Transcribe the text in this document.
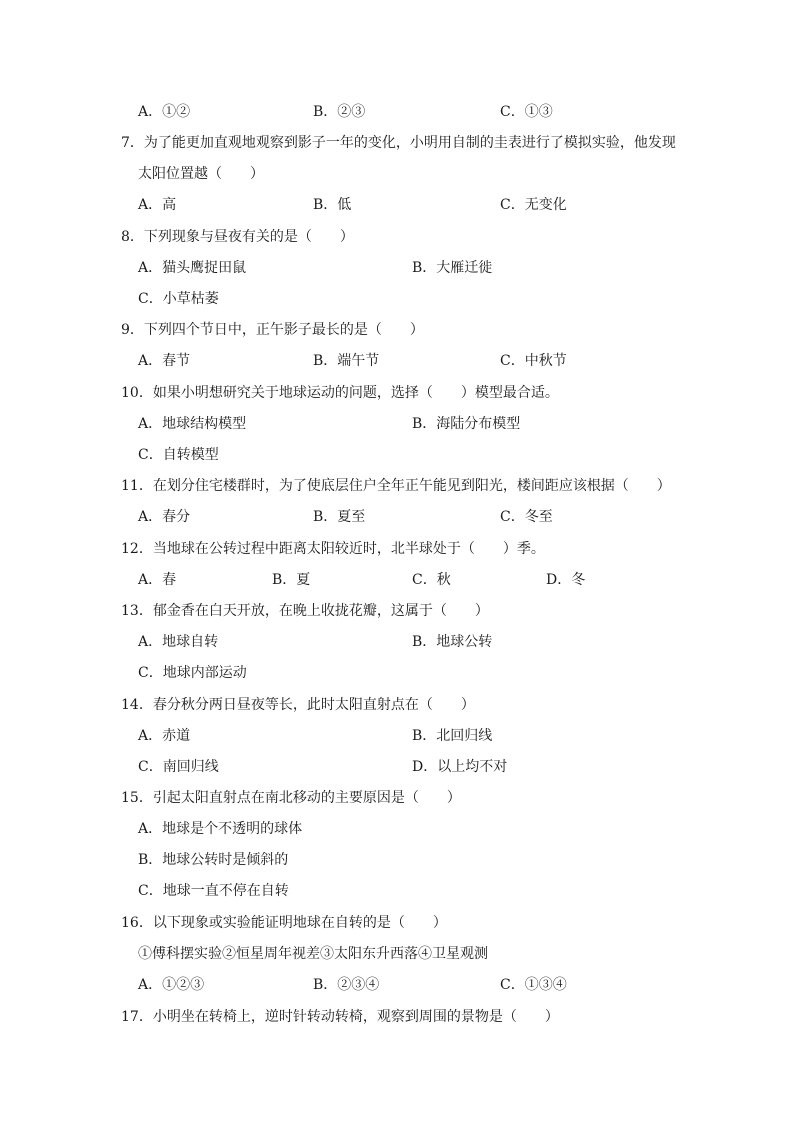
A．①②	B．②③	C．①③
7．为了能更加直观地观察到影子一年的变化，小明用自制的圭表进行了模拟实验，他发现
太阳位置越（　　）
A．高	B．低	C．无变化
8．下列现象与昼夜有关的是（　　）
A．猫头鹰捉田鼠	B．大雁迁徙
C．小草枯萎
9．下列四个节日中，正午影子最长的是（　　）
A．春节	B．端午节	C．中秋节
10．如果小明想研究关于地球运动的问题，选择（　　）模型最合适。
A．地球结构模型	B．海陆分布模型
C．自转模型
11．在划分住宅楼群时，为了使底层住户全年正午能见到阳光，楼间距应该根据（　　）
A．春分	B．夏至	C．冬至
12．当地球在公转过程中距离太阳较近时，北半球处于（　　）季。
A．春	B．夏	C．秋	D．冬
13．郁金香在白天开放，在晚上收拢花瓣，这属于（　　）
A．地球自转	B．地球公转
C．地球内部运动
14．春分秋分两日昼夜等长，此时太阳直射点在（　　）
A．赤道	B．北回归线
C．南回归线	D．以上均不对
15．引起太阳直射点在南北移动的主要原因是（　　）
A．地球是个不透明的球体
B．地球公转时是倾斜的
C．地球一直不停在自转
16．以下现象或实验能证明地球在自转的是（　　）
①傅科摆实验②恒星周年视差③太阳东升西落④卫星观测
A．①②③	B．②③④	C．①③④
17．小明坐在转椅上，逆时针转动转椅，观察到周围的景物是（　　）
